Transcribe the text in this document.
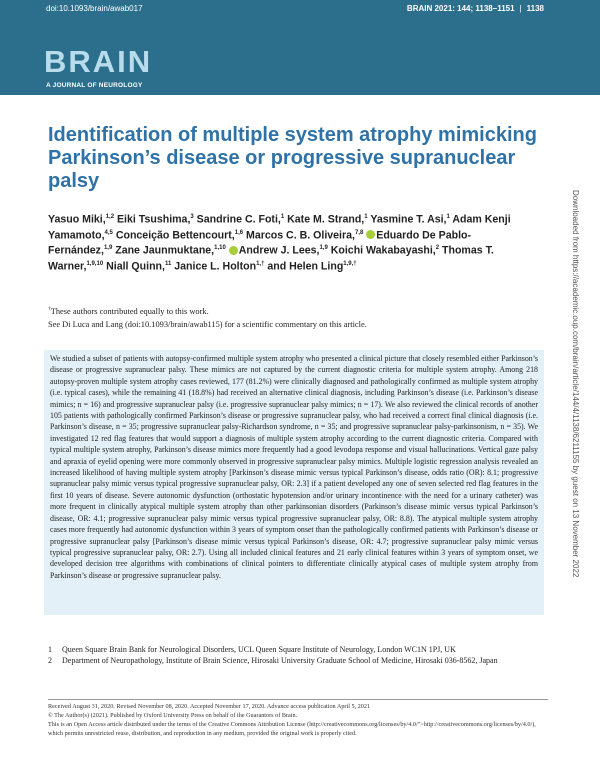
doi:10.1093/brain/awab017	BRAIN 2021: 144; 1138–1151 | 1138
BRAIN
A JOURNAL OF NEUROLOGY
Identification of multiple system atrophy mimicking Parkinson’s disease or progressive supranuclear palsy
Yasuo Miki,$^{1,2}$ Eiki Tsushima,$^3$ Sandrine C. Foti,$^1$ Kate M. Strand,$^1$ Yasmine T. Asi,$^1$ Adam Kenji Yamamoto,$^{4,5}$ Conceição Bettencourt,$^{1,6}$ Marcos C. B. Oliveira,$^{7,8}$ Eduardo De Pablo-Fernández,$^{1,9}$ Zane Jaunmuktane,$^{1,10}$ Andrew J. Lees,$^{1,9}$ Koichi Wakabayashi,$^2$ Thomas T. Warner,$^{1,9,10}$ Niall Quinn,$^{11}$ Janice L. Holton$^{1,\dagger}$ and Helen Ling$^{1,9,\dagger}$
†These authors contributed equally to this work.
See Di Luca and Lang (doi:10.1093/brain/awab115) for a scientific commentary on this article.
We studied a subset of patients with autopsy-confirmed multiple system atrophy who presented a clinical picture that closely resembled either Parkinson’s disease or progressive supranuclear palsy. These mimics are not captured by the current diagnostic criteria for multiple system atrophy. Among 218 autopsy-proven multiple system atrophy cases reviewed, 177 (81.2%) were clinically diagnosed and pathologically confirmed as multiple system atrophy (i.e. typical cases), while the remaining 41 (18.8%) had received an alternative clinical diagnosis, including Parkinson’s disease (i.e. Parkinson’s disease mimics; n = 16) and progressive supranuclear palsy (i.e. progressive supranuclear palsy mimics; n = 17). We also reviewed the clinical records of another 105 patients with pathologically confirmed Parkinson’s disease or progressive supranuclear palsy, who had received a correct final clinical diagnosis (i.e. Parkinson’s disease, n = 35; progressive supranuclear palsy-Richardson syndrome, n = 35; and progressive supranuclear palsy-parkinsonism, n = 35). We investigated 12 red flag features that would support a diagnosis of multiple system atrophy according to the current diagnostic criteria. Compared with typical multiple system atrophy, Parkinson’s disease mimics more frequently had a good levodopa response and visual hallucinations. Vertical gaze palsy and apraxia of eyelid opening were more commonly observed in progressive supranuclear palsy mimics. Multiple logistic regression analysis revealed an increased likelihood of having multiple system atrophy [Parkinson’s disease mimic versus typical Parkinson’s disease, odds ratio (OR): 8.1; progressive supranuclear palsy mimic versus typical progressive supranuclear palsy, OR: 2.3] if a patient developed any one of seven selected red flag features in the first 10 years of disease. Severe autonomic dysfunction (orthostatic hypotension and/or urinary incontinence with the need for a urinary catheter) was more frequent in clinically atypical multiple system atrophy than other parkinsonian disorders (Parkinson’s disease mimic versus typical Parkinson’s disease, OR: 4.1; progressive supranuclear palsy mimic versus typical progressive supranuclear palsy, OR: 8.8). The atypical multiple system atrophy cases more frequently had autonomic dysfunction within 3 years of symptom onset than the pathologically confirmed patients with Parkinson’s disease or progressive supranuclear palsy [Parkinson’s disease mimic versus typical Parkinson’s disease, OR: 4.7; progressive supranuclear palsy mimic versus typical progressive supranuclear palsy, OR: 2.7). Using all included clinical features and 21 early clinical features within 3 years of symptom onset, we developed decision tree algorithms with combinations of clinical pointers to differentiate clinically atypical cases of multiple system atrophy from Parkinson’s disease or progressive supranuclear palsy.
1	Queen Square Brain Bank for Neurological Disorders, UCL Queen Square Institute of Neurology, London WC1N 1PJ, UK
2	Department of Neuropathology, Institute of Brain Science, Hirosaki University Graduate School of Medicine, Hirosaki 036-8562, Japan
Received August 31, 2020. Revised November 08, 2020. Accepted November 17, 2020. Advance access publication April 5, 2021
© The Author(s) (2021). Published by Oxford University Press on behalf of the Guarantors of Brain.
This is an Open Access article distributed under the terms of the Creative Commons Attribution License (http://creativecommons.org/licenses/by/4.0/">http://creativecommons.org/licenses/by/4.0/), which permits unrestricted reuse, distribution, and reproduction in any medium, provided the original work is properly cited.
Downloaded from https://academic.oup.com/brain/article/144/4/1138/6211155 by guest on 13 November 2022
